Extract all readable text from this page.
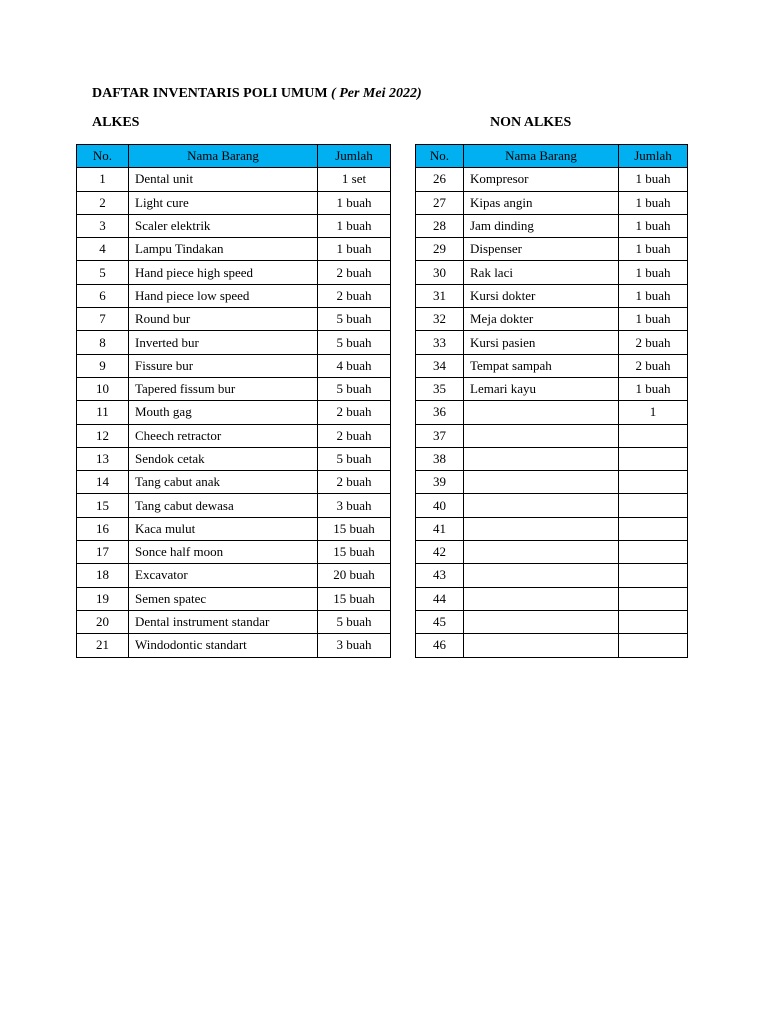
DAFTAR INVENTARIS POLI UMUM ( Per Mei 2022)
ALKES	NON ALKES
No.	Nama Barang	Jumlah
1	Dental unit	1 set
2	Light cure	1 buah
3	Scaler elektrik	1 buah
4	Lampu Tindakan	1 buah
5	Hand piece high speed	2 buah
6	Hand piece low speed	2 buah
7	Round bur	5 buah
8	Inverted bur	5 buah
9	Fissure bur	4 buah
10	Tapered fissum bur	5 buah
11	Mouth gag	2 buah
12	Cheech retractor	2 buah
13	Sendok cetak	5 buah
14	Tang cabut anak	2 buah
15	Tang cabut dewasa	3 buah
16	Kaca mulut	15 buah
17	Sonce half moon	15 buah
18	Excavator	20 buah
19	Semen spatec	15 buah
20	Dental instrument standar	5 buah
21	Windodontic standart	3 buah
No.	Nama Barang	Jumlah
26	Kompresor	1 buah
27	Kipas angin	1 buah
28	Jam dinding	1 buah
29	Dispenser	1 buah
30	Rak laci	1 buah
31	Kursi dokter	1 buah
32	Meja dokter	1 buah
33	Kursi pasien	2 buah
34	Tempat sampah	2 buah
35	Lemari kayu	1 buah
36		1
37		
38		
39		
40		
41		
42		
43		
44		
45		
46		
